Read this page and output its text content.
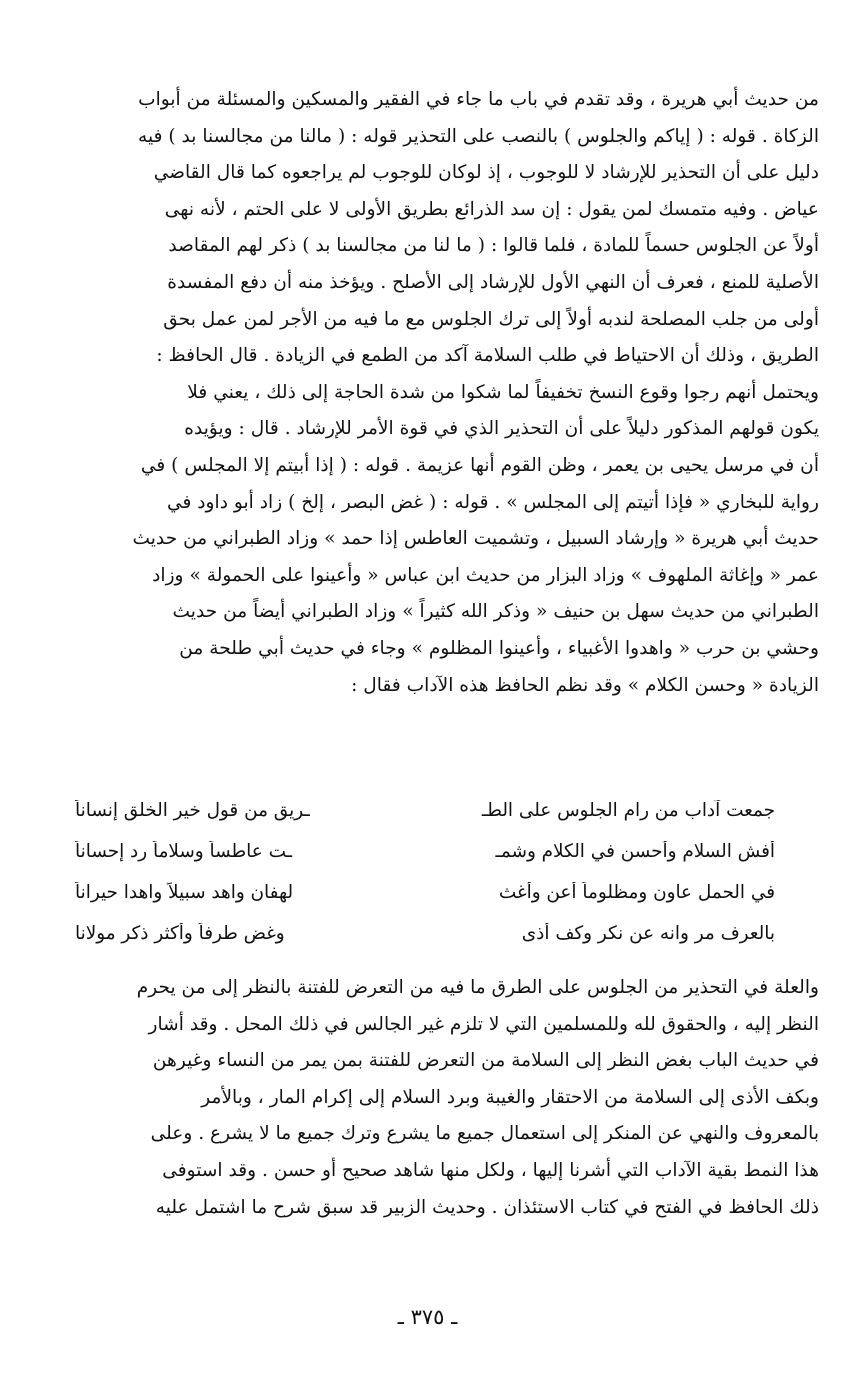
من حديث أبي هريرة ، وقد تقدم في باب ما جاء في الفقير والمسكين والمسئلة من أبواب
الزكاة . قوله : ( إياكم والجلوس ) بالنصب على التحذير قوله : ( مالنا من مجالسنا بد ) فيه
دليل على أن التحذير للإرشاد لا للوجوب ، إذ لوكان للوجوب لم يراجعوه كما قال القاضي
عياض . وفيه متمسك لمن يقول : إن سد الذرائع بطريق الأولى لا على الحتم ، لأنه نهى
أولاً عن الجلوس حسماً للمادة ، فلما قالوا : ( ما لنا من مجالسنا بد ) ذكر لهم المقاصد
الأصلية للمنع ، فعرف أن النهي الأول للإرشاد إلى الأصلح . ويؤخذ منه أن دفع المفسدة
أولى من جلب المصلحة لندبه أولاً إلى ترك الجلوس مع ما فيه من الأجر لمن عمل بحق
الطريق ، وذلك أن الاحتياط في طلب السلامة آكد من الطمع في الزيادة . قال الحافظ :
ويحتمل أنهم رجوا وقوع النسخ تخفيفاً لما شكوا من شدة الحاجة إلى ذلك ، يعني فلا
يكون قولهم المذكور دليلاً على أن التحذير الذي في قوة الأمر للإرشاد . قال : ويؤيده
أن في مرسل يحيى بن يعمر ، وظن القوم أنها عزيمة . قوله : ( إذا أبيتم إلا المجلس ) في
رواية للبخاري « فإذا أتيتم إلى المجلس » . قوله : ( غض البصر ، إلخ ) زاد أبو داود في
حديث أبي هريرة « وإرشاد السبيل ، وتشميت العاطس إذا حمد » وزاد الطبراني من حديث
عمر « وإغاثة الملهوف » وزاد البزار من حديث ابن عباس « وأعينوا على الحمولة » وزاد
الطبراني من حديث سهل بن حنيف « وذكر الله كثيراً » وزاد الطبراني أيضاً من حديث
وحشي بن حرب « واهدوا الأغبياء ، وأعينوا المظلوم » وجاء في حديث أبي طلحة من
الزيادة « وحسن الكلام » وقد نظم الحافظ هذه الآداب فقال :
جمعت آداب من رام الجلوس على الطـ
ـريق من قول خير الخلق إنساناً
أفش السلام وأحسن في الكلام وشمـ
ـت عاطساً وسلاماً رد إحساناً
في الحمل عاون ومظلوماً أعن وأغث
لهفان واهد سبيلاً واهدا حيراناً
بالعرف مر وانه عن نكر وكف أذى
وغض طرفاً وأكثر ذكر مولانا
والعلة في التحذير من الجلوس على الطرق ما فيه من التعرض للفتنة بالنظر إلى من يحرم
النظر إليه ، والحقوق لله وللمسلمين التي لا تلزم غير الجالس في ذلك المحل . وقد أشار
في حديث الباب بغض النظر إلى السلامة من التعرض للفتنة بمن يمر من النساء وغيرهن
وبكف الأذى إلى السلامة من الاحتقار والغيبة وبرد السلام إلى إكرام المار ، وبالأمر
بالمعروف والنهي عن المنكر إلى استعمال جميع ما يشرع وترك جميع ما لا يشرع . وعلى
هذا النمط بقية الآداب التي أشرنا إليها ، ولكل منها شاهد صحيح أو حسن . وقد استوفى
ذلك الحافظ في الفتح في كتاب الاستئذان . وحديث الزبير قد سبق شرح ما اشتمل عليه
ـ ٣٧٥ ـ
